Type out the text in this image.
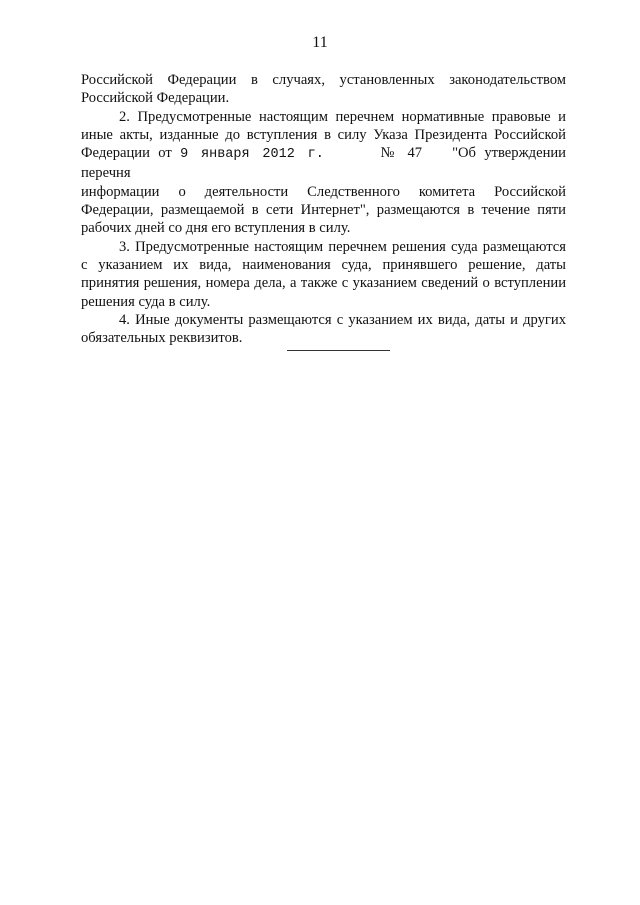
11

Российской Федерации в случаях, установленных законодательством
Российской Федерации.

2. Предусмотренные настоящим перечнем нормативные правовые и
иные акты, изданные до вступления в силу Указа Президента Российской
Федерации от 9 января 2012 г.	№ 47 "Об утверждении перечня
информации о деятельности Следственного комитета Российской
Федерации, размещаемой в сети Интернет", размещаются в течение пяти
рабочих дней со дня его вступления в силу.

3. Предусмотренные настоящим перечнем решения суда размещаются
с указанием их вида, наименования суда, принявшего решение, даты
принятия решения, номера дела, а также с указанием сведений о вступлении
решения суда в силу.

4. Иные документы размещаются с указанием их вида, даты и других
обязательных реквизитов.
